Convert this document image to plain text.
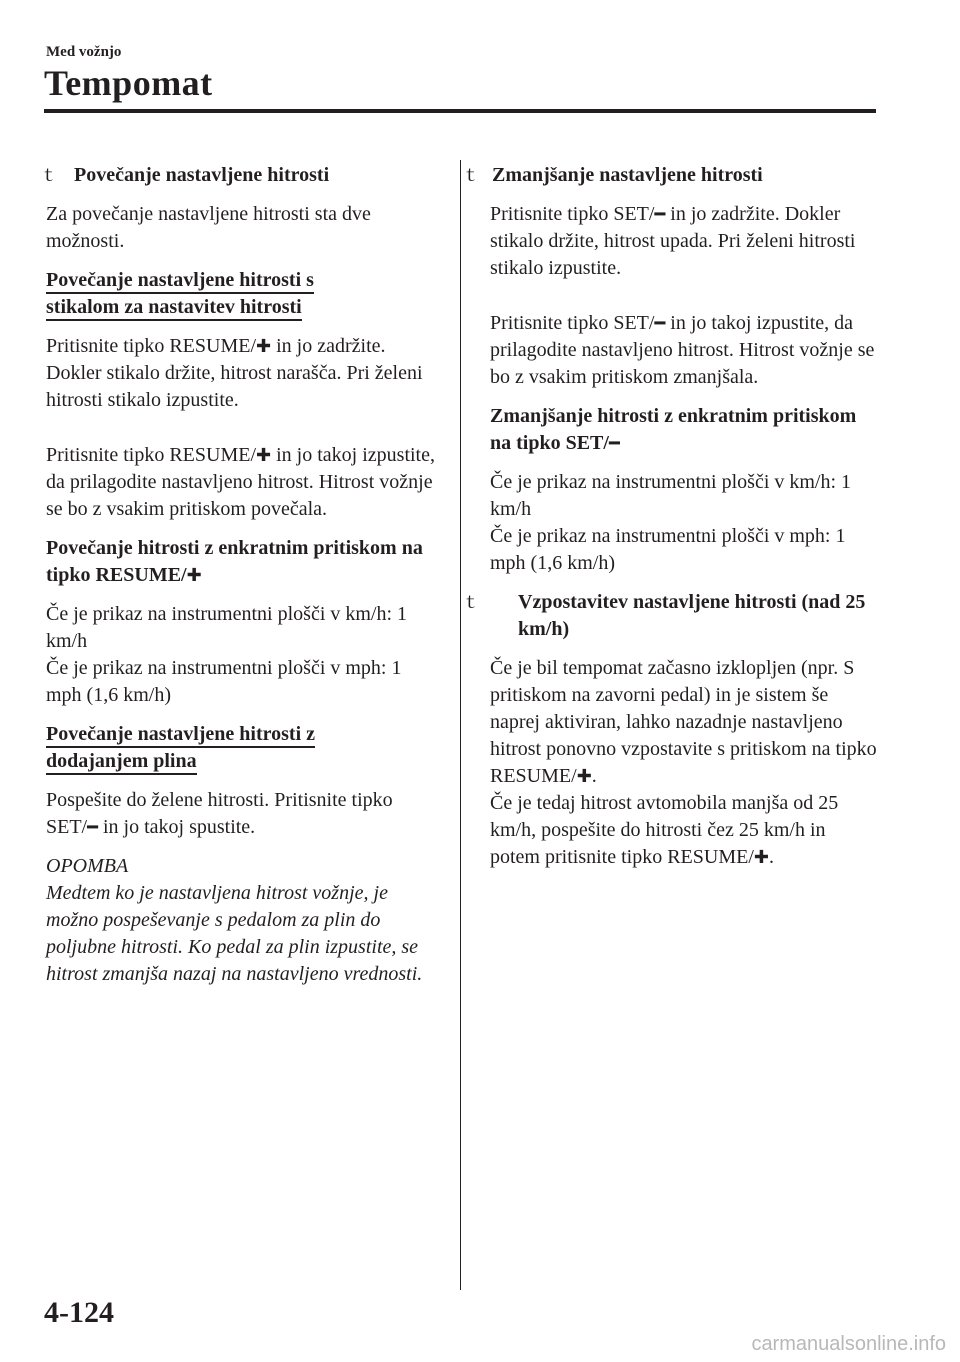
Med vožnjo
Tempomat
ｔ Povečanje nastavljene hitrosti

Za povečanje nastavljene hitrosti sta dve možnosti.

Povečanje nastavljene hitrosti s
stikalom za nastavitev hitrosti

Pritisnite tipko RESUME/✚ in jo zadržite. Dokler stikalo držite, hitrost narašča. Pri želeni hitrosti stikalo izpustite.

Pritisnite tipko RESUME/✚ in jo takoj izpustite, da prilagodite nastavljeno hitrost. Hitrost vožnje se bo z vsakim pritiskom povečala.

Povečanje hitrosti z enkratnim pritiskom na tipko RESUME/✚

Če je prikaz na instrumentni plošči v km/h: 1 km/h
Če je prikaz na instrumentni plošči v mph: 1 mph (1,6 km/h)

Povečanje nastavljene hitrosti z
dodajanjem plina

Pospešite do želene hitrosti. Pritisnite tipko SET/━ in jo takoj spustite.

OPOMBA

Medtem ko je nastavljena hitrost vožnje, je možno pospeševanje s pedalom za plin do poljubne hitrosti. Ko pedal za plin izpustite, se hitrost zmanjša nazaj na nastavljeno vrednosti.

ｔ Zmanjšanje nastavljene hitrosti

Pritisnite tipko SET/━ in jo zadržite. Dokler stikalo držite, hitrost upada. Pri želeni hitrosti stikalo izpustite.

Pritisnite tipko SET/━ in jo takoj izpustite, da prilagodite nastavljeno hitrost. Hitrost vožnje se bo z vsakim pritiskom zmanjšala.

Zmanjšanje hitrosti z enkratnim pritiskom na tipko SET/━

Če je prikaz na instrumentni plošči v km/h: 1 km/h
Če je prikaz na instrumentni plošči v mph: 1 mph (1,6 km/h)

ｔ Vzpostavitev nastavljene hitrosti (nad 25 km/h)

Če je bil tempomat začasno izklopljen (npr. S pritiskom na zavorni pedal) in je sistem še naprej aktiviran, lahko nazadnje nastavljeno hitrost ponovno vzpostavite s pritiskom na tipko RESUME/✚.
Če je tedaj hitrost avtomobila manjša od 25 km/h, pospešite do hitrosti čez 25 km/h in potem pritisnite tipko RESUME/✚.

4-124
carmanualsonline.info
